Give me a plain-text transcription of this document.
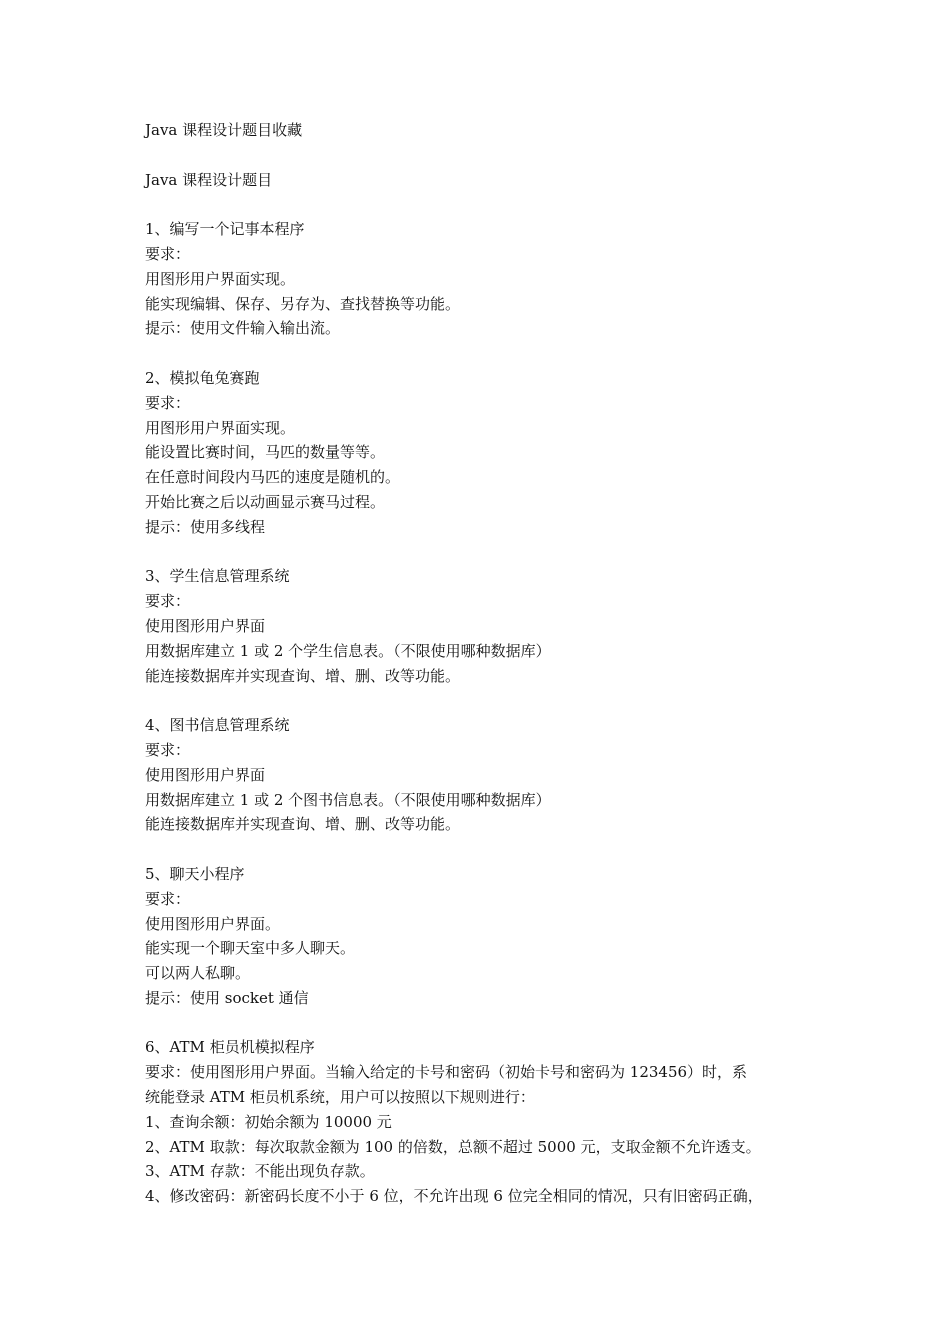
Java 课程设计题目收藏
Java 课程设计题目
1、编写一个记事本程序
要求：
用图形用户界面实现。
能实现编辑、保存、另存为、查找替换等功能。
提示：使用文件输入输出流。
2、模拟龟兔赛跑
要求：
用图形用户界面实现。
能设置比赛时间，马匹的数量等等。
在任意时间段内马匹的速度是随机的。
开始比赛之后以动画显示赛马过程。
提示：使用多线程
3、学生信息管理系统
要求：
使用图形用户界面
用数据库建立 1 或 2 个学生信息表。（不限使用哪种数据库）
能连接数据库并实现查询、增、删、改等功能。
4、图书信息管理系统
要求：
使用图形用户界面
用数据库建立 1 或 2 个图书信息表。（不限使用哪种数据库）
能连接数据库并实现查询、增、删、改等功能。
5、聊天小程序
要求：
使用图形用户界面。
能实现一个聊天室中多人聊天。
可以两人私聊。
提示：使用 socket 通信
6、ATM 柜员机模拟程序
要求：使用图形用户界面。当输入给定的卡号和密码（初始卡号和密码为 123456）时，系
统能登录 ATM 柜员机系统，用户可以按照以下规则进行：
1、查询余额：初始余额为 10000 元
2、ATM 取款：每次取款金额为 100 的倍数，总额不超过 5000 元，支取金额不允许透支。
3、ATM 存款：不能出现负存款。
4、修改密码：新密码长度不小于 6 位，不允许出现 6 位完全相同的情况，只有旧密码正确，
